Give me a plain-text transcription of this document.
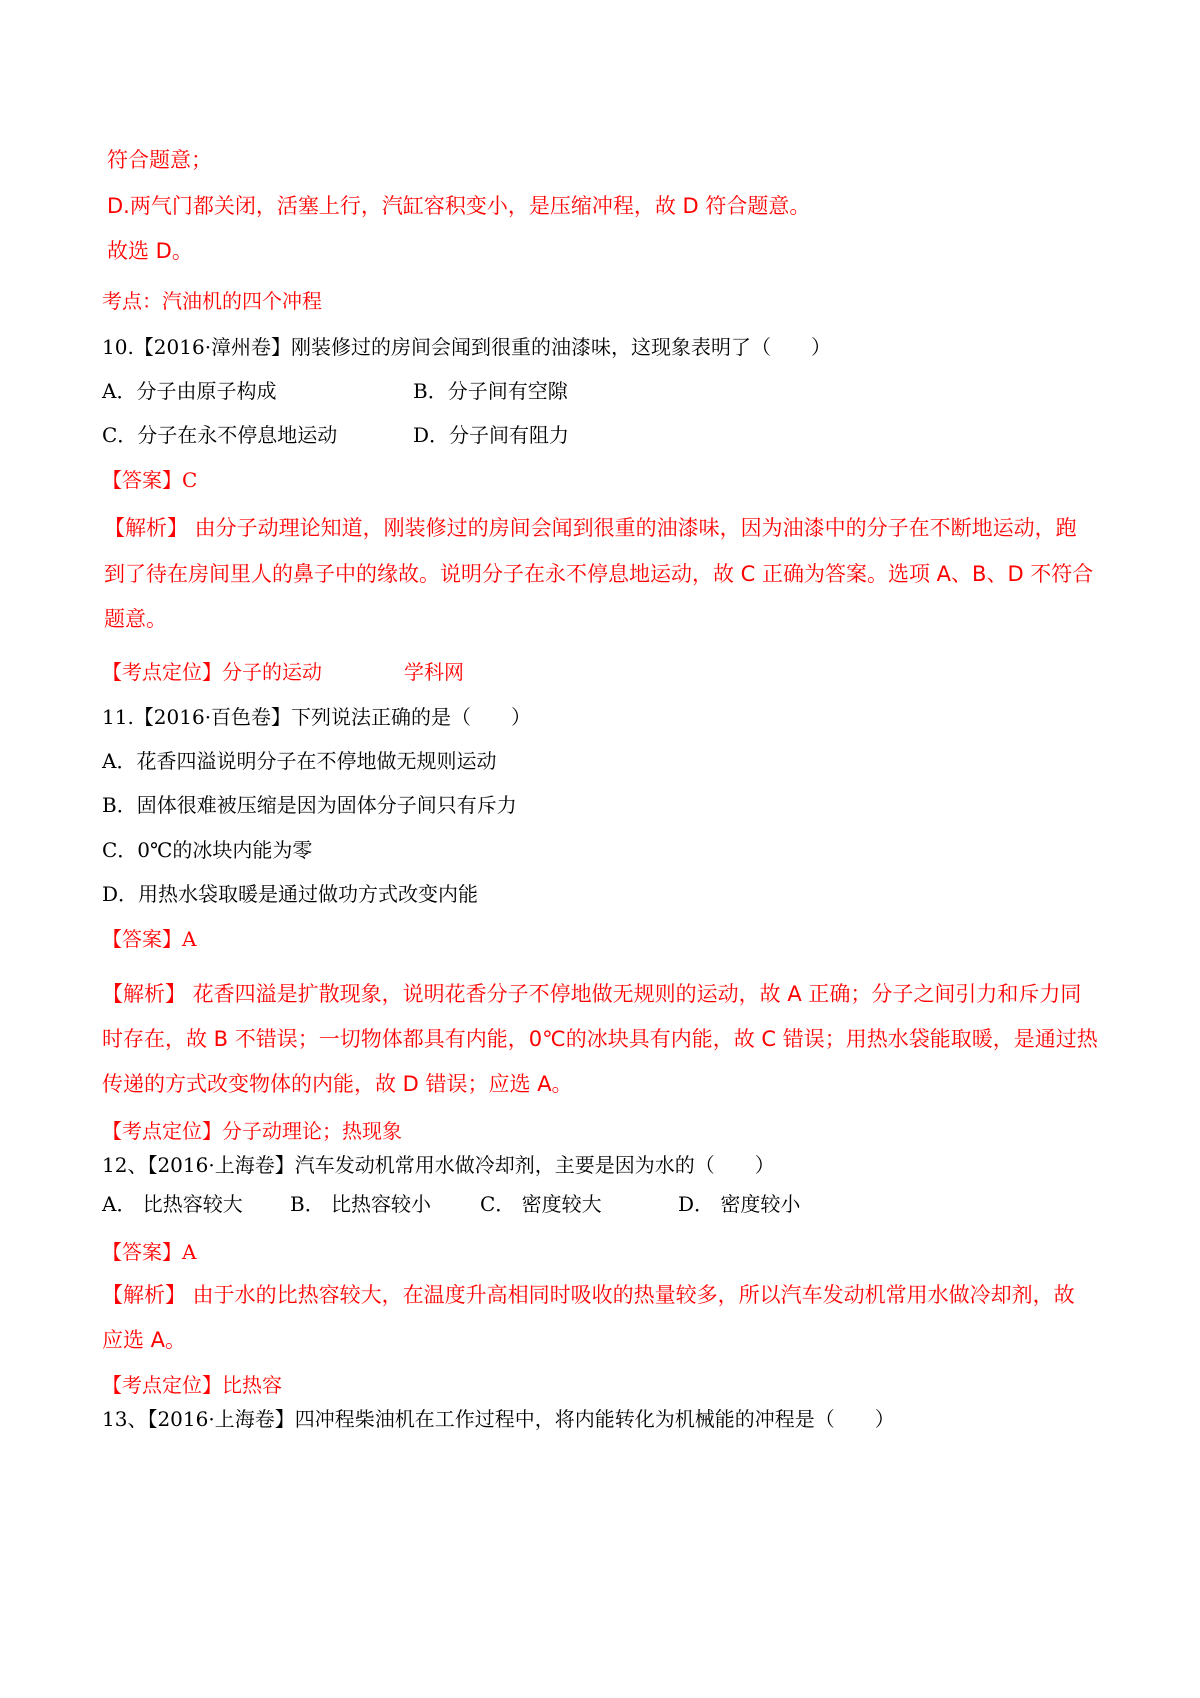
符合题意；
D.两气门都关闭，活塞上行，汽缸容积变小，是压缩冲程，故 D 符合题意。
故选 D。
考点：汽油机的四个冲程
10.【2016·漳州卷】刚装修过的房间会闻到很重的油漆味，这现象表明了（　　）
A．分子由原子构成	B．分子间有空隙
C．分子在永不停息地运动	D．分子间有阻力
【答案】C
【解析】 由分子动理论知道，刚装修过的房间会闻到很重的油漆味，因为油漆中的分子在不断地运动，跑
到了待在房间里人的鼻子中的缘故。说明分子在永不停息地运动，故 C 正确为答案。选项 A、B、D 不符合
题意。
【考点定位】分子的运动	学科网
11.【2016·百色卷】下列说法正确的是（　　）
A．花香四溢说明分子在不停地做无规则运动
B．固体很难被压缩是因为固体分子间只有斥力
C．0℃的冰块内能为零
D．用热水袋取暖是通过做功方式改变内能
【答案】A
【解析】 花香四溢是扩散现象，说明花香分子不停地做无规则的运动，故 A 正确；分子之间引力和斥力同
时存在，故 B 不错误；一切物体都具有内能，0℃的冰块具有内能，故 C 错误；用热水袋能取暖，是通过热
传递的方式改变物体的内能，故 D 错误；应选 A。
【考点定位】分子动理论；热现象
12、【2016·上海卷】汽车发动机常用水做冷却剂，主要是因为水的（　　）
A． 比热容较大 B． 比热容较小 C． 密度较大	D． 密度较小
【答案】A
【解析】 由于水的比热容较大，在温度升高相同时吸收的热量较多，所以汽车发动机常用水做冷却剂，故
应选 A。
【考点定位】比热容
13、【2016·上海卷】四冲程柴油机在工作过程中，将内能转化为机械能的冲程是（　　）
